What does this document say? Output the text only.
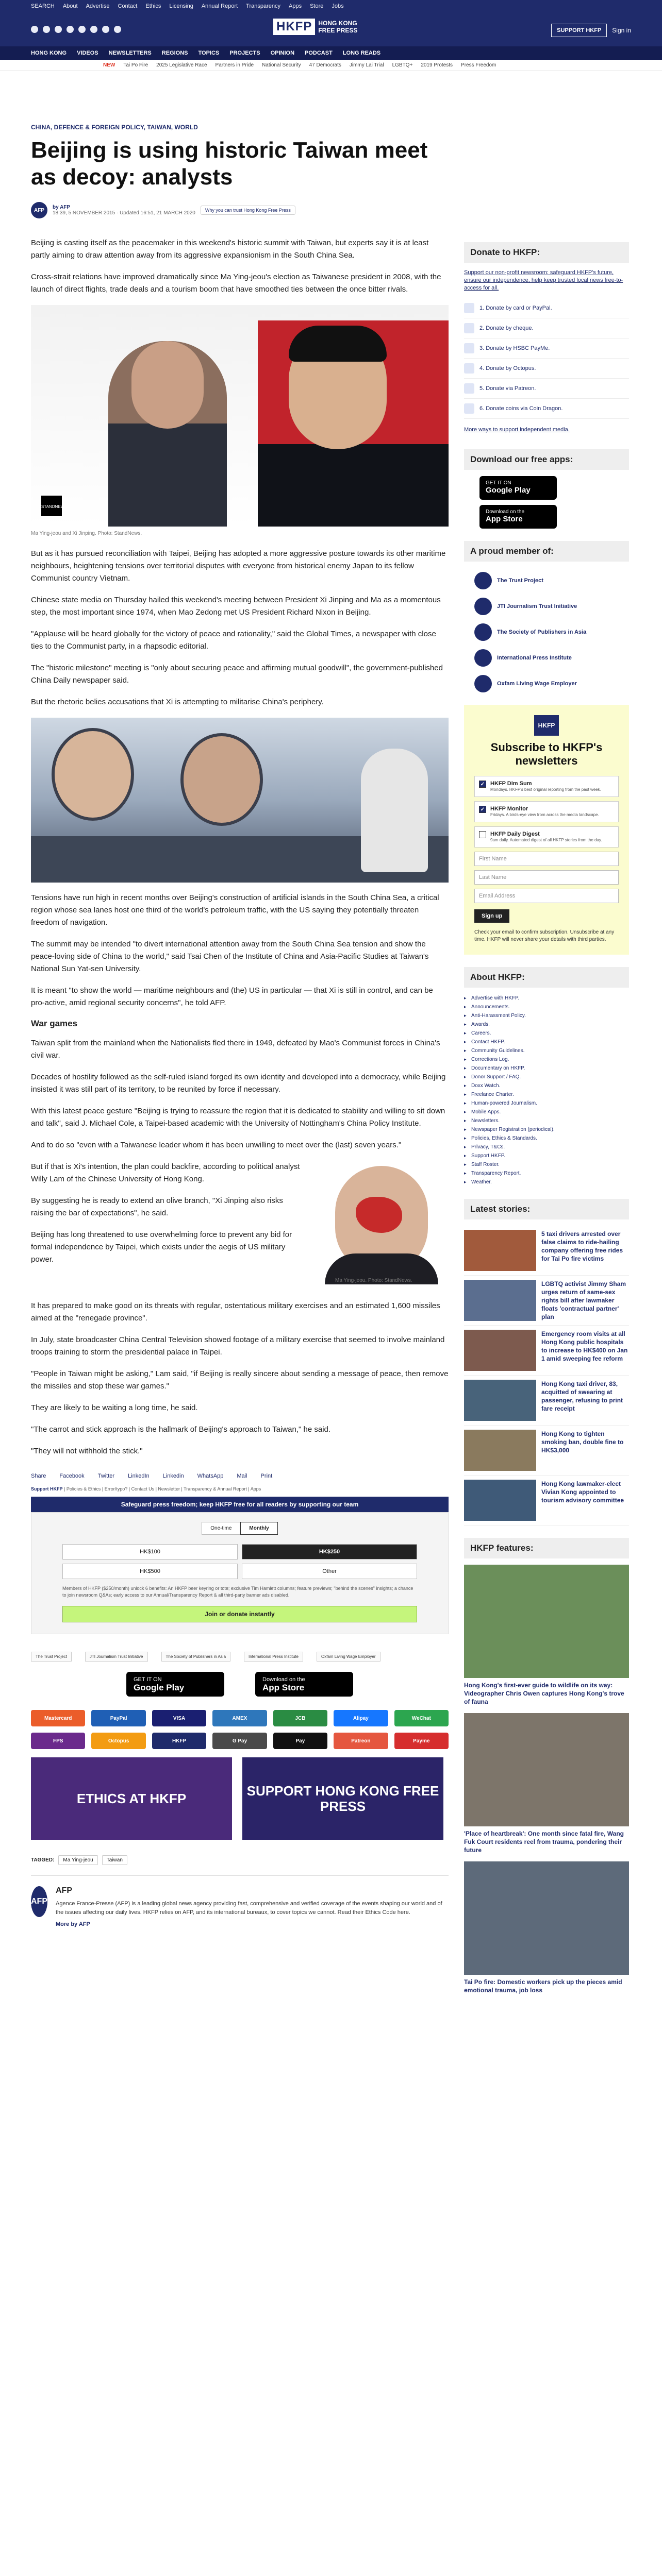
SEARCH About Advertise Contact Ethics Licensing Annual Report Transparency Apps Store Jobs
HKFP	HONG KONG
FREE PRESS	SUPPORT HKFP	Sign in
HONG KONG VIDEOS NEWSLETTERS REGIONS TOPICS PROJECTS OPINION PODCAST LONG READS
NEW Tai Po Fire 2025 Legislative Race Partners in Pride National Security 47 Democrats Jimmy Lai Trial LGBTQ+ 2019 Protests Press Freedom
CHINA, DEFENCE & FOREIGN POLICY, TAIWAN, WORLD
Beijing is using historic Taiwan meet as decoy: analysts
AFP	by AFP
18:39, 5 NOVEMBER 2015 · Updated 16:51, 21 MARCH 2020	Why you can trust Hong Kong Free Press

Beijing is casting itself as the peacemaker in this weekend's historic summit with Taiwan, but experts say it is at least partly aiming to draw attention away from its aggressive expansionism in the South China Sea.

Cross-strait relations have improved dramatically since Ma Ying-jeou's election as Taiwanese president in 2008, with the launch of direct flights, trade deals and a tourism boom that have smoothed ties between the once bitter rivals.

STANDNEWS
Ma Ying-jeou and Xi Jinping. Photo: StandNews.

But as it has pursued reconciliation with Taipei, Beijing has adopted a more aggressive posture towards its other maritime neighbours, heightening tensions over territorial disputes with everyone from historical enemy Japan to its fellow Communist country Vietnam.

Chinese state media on Thursday hailed this weekend's meeting between President Xi Jinping and Ma as a momentous step, the most important since 1974, when Mao Zedong met US President Richard Nixon in Beijing.

"Applause will be heard globally for the victory of peace and rationality," said the Global Times, a newspaper with close ties to the Communist party, in a rhapsodic editorial.

The "historic milestone" meeting is "only about securing peace and affirming mutual goodwill", the government-published China Daily newspaper said.

But the rhetoric belies accusations that Xi is attempting to militarise China's periphery.

Tensions have run high in recent months over Beijing's construction of artificial islands in the South China Sea, a critical region whose sea lanes host one third of the world's petroleum traffic, with the US saying they potentially threaten freedom of navigation.

The summit may be intended "to divert international attention away from the South China Sea tension and show the peace-loving side of China to the world," said Tsai Chen of the Institute of China and Asia-Pacific Studies at Taiwan's National Sun Yat-sen University.

It is meant "to show the world — maritime neighbours and (the) US in particular — that Xi is still in control, and can be pro-active, amid regional security concerns", he told AFP.

War games

Taiwan split from the mainland when the Nationalists fled there in 1949, defeated by Mao's Communist forces in China's civil war.

Decades of hostility followed as the self-ruled island forged its own identity and developed into a democracy, while Beijing insisted it was still part of its territory, to be reunited by force if necessary.

With this latest peace gesture "Beijing is trying to reassure the region that it is dedicated to stability and willing to sit down and talk", said J. Michael Cole, a Taipei-based academic with the University of Nottingham's China Policy Institute.

And to do so "even with a Taiwanese leader whom it has been unwilling to meet over the (last) seven years."

Ma Ying-jeou. Photo: StandNews.

But if that is Xi's intention, the plan could backfire, according to political analyst Willy Lam of the Chinese University of Hong Kong.

By suggesting he is ready to extend an olive branch, "Xi Jinping also risks raising the bar of expectations", he said.

Beijing has long threatened to use overwhelming force to prevent any bid for formal independence by Taipei, which exists under the aegis of US military power.

It has prepared to make good on its threats with regular, ostentatious military exercises and an estimated 1,600 missiles aimed at the "renegade province".

In July, state broadcaster China Central Television showed footage of a military exercise that seemed to involve mainland troops training to storm the presidential palace in Taipei.

"People in Taiwan might be asking," Lam said, "if Beijing is really sincere about sending a message of peace, then remove the missiles and stop these war games."

They are likely to be waiting a long time, he said.

"The carrot and stick approach is the hallmark of Beijing's approach to Taiwan," he said.

"They will not withhold the stick."

Share Facebook Twitter LinkedIn Linkedin WhatsApp Mail Print
Support HKFP | Policies & Ethics | Error/typo? | Contact Us | Newsletter | Transparency & Annual Report | Apps
Safeguard press freedom; keep HKFP free for all readers by supporting our team
One-time	Monthly
HK$100	HK$250
HK$500	Other
Members of HKFP ($250/month) unlock 6 benefits: An HKFP beer keyring or tote; exclusive Tim Hamlett columns; feature previews; "behind the scenes" insights; a chance to join newsroom Q&As; early access to our Annual/Transparency Report & all third-party banner ads disabled.
Join or donate instantly
The Trust Project	JTI Journalism Trust Initiative	The Society of Publishers in Asia	International Press Institute	Oxfam Living Wage Employer
GET IT ON
Google Play
Download on the
App Store
Mastercard	PayPal	VISA	AMEX	JCB	Alipay	WeChat
FPS	Octopus	HKFP	G Pay	Pay	Patreon	Payme
ETHICS AT HKFP	SUPPORT HONG KONG FREE PRESS
TAGGED:	Ma Ying-jeou	Taiwan
AFP
AFP

Agence France-Presse (AFP) is a leading global news agency providing fast, comprehensive and verified coverage of the events shaping our world and of the issues affecting our daily lives. HKFP relies on AFP, and its international bureaux, to cover topics we cannot. Read their Ethics Code here.

More by AFP

Donate to HKFP:
Support our non-profit newsroom: safeguard HKFP's future, ensure our independence, help keep trusted local news free-to-access for all.
1. Donate by card or PayPal.
2. Donate by cheque.
3. Donate by HSBC PayMe.
4. Donate by Octopus.
5. Donate via Patreon.
6. Donate coins via Coin Dragon.
More ways to support independent media.
Download our free apps:
GET IT ON
Google Play
Download on the
App Store
A proud member of:
The Trust Project
JTI Journalism Trust Initiative
The Society of Publishers in Asia
International Press Institute
Oxfam Living Wage Employer
HKFP
Subscribe to HKFP's newsletters
✓ HKFP Dim Sum
Mondays. HKFP's best original reporting from the past week.
✓ HKFP Monitor
Fridays. A birds-eye view from across the media landscape.
HKFP Daily Digest
9am daily. Automated digest of all HKFP stories from the day.
First Name
Last Name
Email Address
Sign up
Check your email to confirm subscription. Unsubscribe at any time. HKFP will never share your details with third parties.
About HKFP:
▸ Advertise with HKFP.
▸ Announcements.
▸ Anti-Harassment Policy.
▸ Awards.
▸ Careers.
▸ Contact HKFP.
▸ Community Guidelines.
▸ Corrections Log.
▸ Documentary on HKFP.
▸ Donor Support / FAQ.
▸ Doxx Watch.
▸ Freelance Charter.
▸ Human-powered Journalism.
▸ Mobile Apps.
▸ Newsletters.
▸ Newspaper Registration (periodical).
▸ Policies, Ethics & Standards.
▸ Privacy, T&Cs.
▸ Support HKFP.
▸ Staff Roster.
▸ Transparency Report.
▸ Weather.
Latest stories:
5 taxi drivers arrested over false claims to ride-hailing company offering free rides for Tai Po fire victims
LGBTQ activist Jimmy Sham urges return of same-sex rights bill after lawmaker floats 'contractual partner' plan
Emergency room visits at all Hong Kong public hospitals to increase to HK$400 on Jan 1 amid sweeping fee reform
Hong Kong taxi driver, 83, acquitted of swearing at passenger, refusing to print fare receipt
Hong Kong to tighten smoking ban, double fine to HK$3,000
Hong Kong lawmaker-elect Vivian Kong appointed to tourism advisory committee
HKFP features:
Hong Kong's first-ever guide to wildlife on its way: Videographer Chris Owen captures Hong Kong's trove of fauna
'Place of heartbreak': One month since fatal fire, Wang Fuk Court residents reel from trauma, pondering their future
Tai Po fire: Domestic workers pick up the pieces amid emotional trauma, job loss
